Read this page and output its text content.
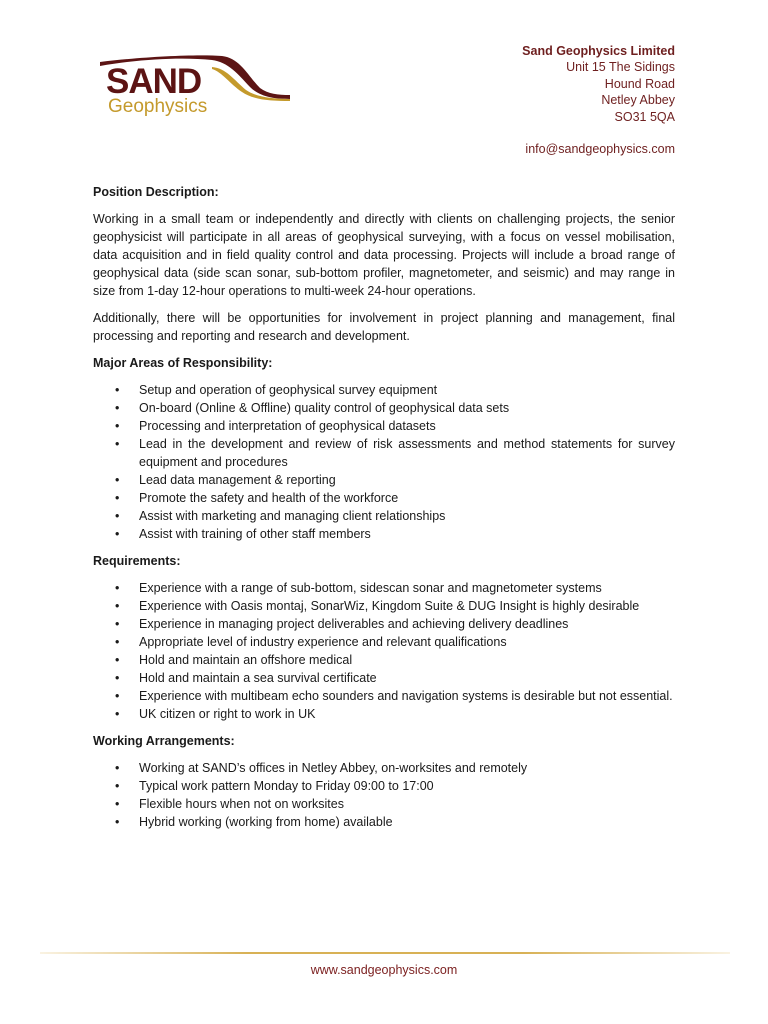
SAND
Geophysics
Sand Geophysics Limited
Unit 15 The Sidings
Hound Road
Netley Abbey
SO31 5QA
info@sandgeophysics.com
Position Description:

Working in a small team or independently and directly with clients on challenging projects, the senior geophysicist will participate in all areas of geophysical surveying, with a focus on vessel mobilisation, data acquisition and in field quality control and data processing. Projects will include a broad range of geophysical data (side scan sonar, sub-bottom profiler, magnetometer, and seismic) and may range in size from 1-day 12-hour operations to multi-week 24-hour operations.

Additionally, there will be opportunities for involvement in project planning and management, final processing and reporting and research and development.

Major Areas of Responsibility:
• Setup and operation of geophysical survey equipment
• On-board (Online & Offline) quality control of geophysical data sets
• Processing and interpretation of geophysical datasets
• Lead in the development and review of risk assessments and method statements for survey equipment and procedures
• Lead data management & reporting
• Promote the safety and health of the workforce
• Assist with marketing and managing client relationships
• Assist with training of other staff members
Requirements:
• Experience with a range of sub-bottom, sidescan sonar and magnetometer systems
• Experience with Oasis montaj, SonarWiz, Kingdom Suite & DUG Insight is highly desirable
• Experience in managing project deliverables and achieving delivery deadlines
• Appropriate level of industry experience and relevant qualifications
• Hold and maintain an offshore medical
• Hold and maintain a sea survival certificate
• Experience with multibeam echo sounders and navigation systems is desirable but not essential.
• UK citizen or right to work in UK
Working Arrangements:
• Working at SAND’s offices in Netley Abbey, on-worksites and remotely
• Typical work pattern Monday to Friday 09:00 to 17:00
• Flexible hours when not on worksites
• Hybrid working (working from home) available
www.sandgeophysics.com
